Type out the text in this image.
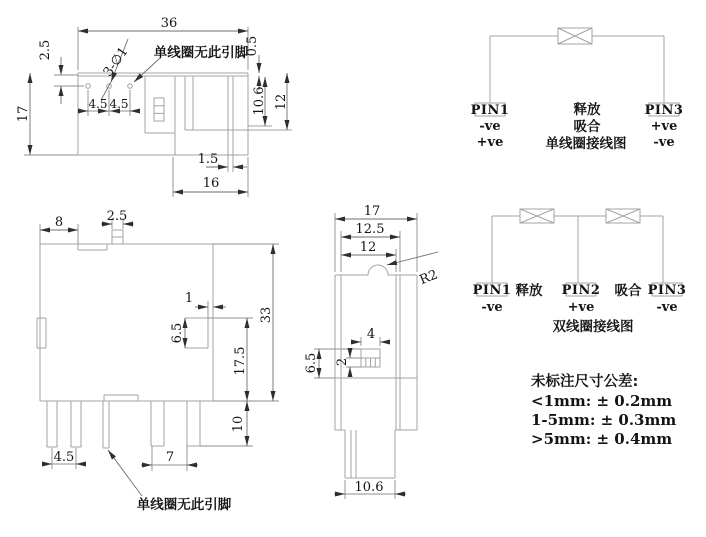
36
2.5
17
3-∅1 单线圈无此引脚
0.5
10.6 12
4.5 4.5
1.5
16
8	2.5
33
1
6.5
17.5
10
4.5	7
单线圈无此引脚
17
12.5
12
R2
6.5
4
2
10.6
PIN1	PIN3
-ve
+ve
+ve
-ve
释放
吸合
单线圈接线图
PIN1	PIN2	PIN3
释放	吸合
-ve	+ve	-ve
双线圈接线图
未标注尺寸公差:
<1mm: ± 0.2mm
1-5mm: ± 0.3mm
>5mm: ± 0.4mm
